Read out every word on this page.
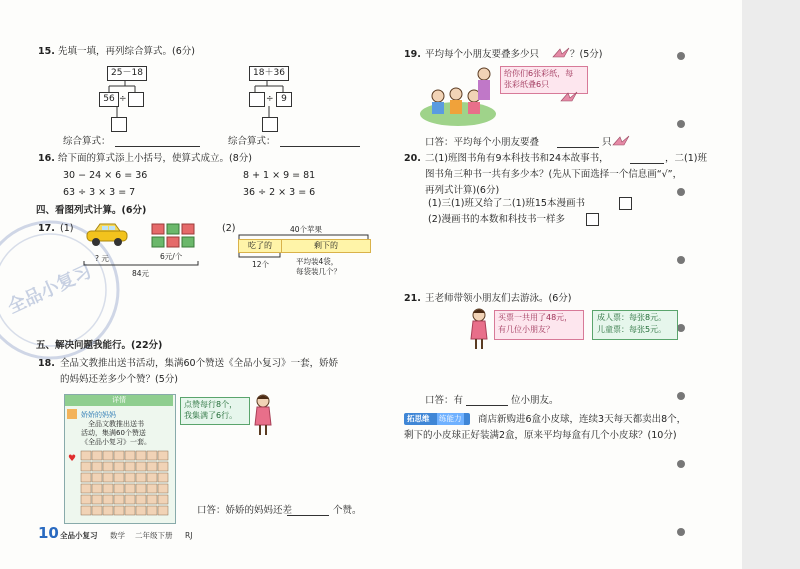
全品小复习
15. 先填一填，再列综合算式。(6分)
25－18
56 ÷
18＋36
÷ 9
综合算式：	综合算式：
16. 给下面的算式添上小括号，使算式成立。(8分)
30 − 24 × 6 = 36	8 + 1 × 9 = 81
63 ÷ 3 × 3 = 7	36 ÷ 2 × 3 = 6
四、看图列式计算。(6分)
17. (1)
? 元	6元/个
84元
(2)	40个苹果
吃了的	剩下的
12个	平均装4袋，
每袋装几个？
五、解决问题我能行。(22分)
18. 全品文教推出送书活动，集满60个赞送《全品小复习》一套，娇娇
的妈妈还差多少个赞？(5分)
详情
娇娇的妈妈
全品文教推出送书
活动，集满60个赞送
《全品小复习》一套。
♥
点赞每行8个，
我集满了6行。
口答：娇娇的妈妈还差	个赞。
10 全品小复习 数学 二年级下册 RJ
19. 平均每个小朋友要叠多少只	？(5分)
给你们6张彩纸，每
张彩纸叠6只
口答：平均每个小朋友要叠	只
20. 二(1)班图书角有9本科技书和24本故事书，	，二(1)班
图书角三种书一共有多少本？(先从下面选择一个信息画“√”，
再列式计算)(6分)
(1)三(1)班又给了二(1)班15本漫画书
(2)漫画书的本数和科技书一样多
21. 王老师带领小朋友们去游泳。(6分)
买票一共用了48元，
有几位小朋友？
成人票：每张8元。
儿童票：每张5元。
口答：有	位小朋友。
拓思维 练能力 商店新购进6盒小皮球，连续3天每天都卖出8个，
剩下的小皮球正好装满2盒，原来平均每盒有几个小皮球？(10分)
